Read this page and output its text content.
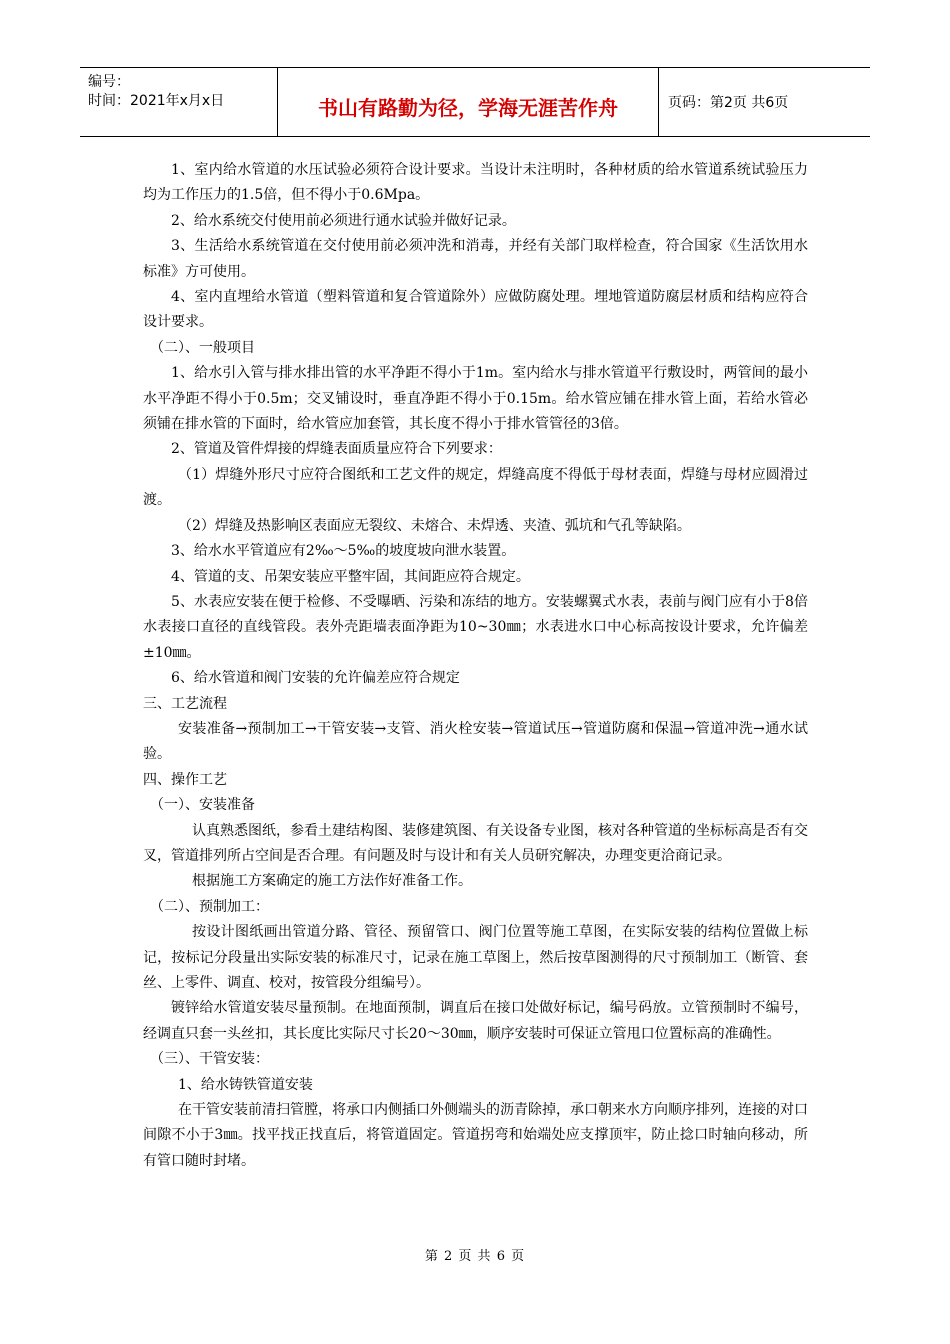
编号：
时间：2021年x月x日	书山有路勤为径，学海无涯苦作舟	页码：第2页 共6页

1、室内给水管道的水压试验必须符合设计要求。当设计未注明时，各种材质的给水管道系统试验压力均为工作压力的1.5倍，但不得小于0.6Mpa。

2、给水系统交付使用前必须进行通水试验并做好记录。

3、生活给水系统管道在交付使用前必须冲洗和消毒，并经有关部门取样检查，符合国家《生活饮用水标准》方可使用。

4、室内直埋给水管道（塑料管道和复合管道除外）应做防腐处理。埋地管道防腐层材质和结构应符合设计要求。

（二）、一般项目

1、给水引入管与排水排出管的水平净距不得小于1m。室内给水与排水管道平行敷设时，两管间的最小水平净距不得小于0.5m；交叉铺设时，垂直净距不得小于0.15m。给水管应铺在排水管上面，若给水管必须铺在排水管的下面时，给水管应加套管，其长度不得小于排水管管径的3倍。

2、管道及管件焊接的焊缝表面质量应符合下列要求：

（1）焊缝外形尺寸应符合图纸和工艺文件的规定，焊缝高度不得低于母材表面，焊缝与母材应圆滑过渡。

（2）焊缝及热影响区表面应无裂纹、未熔合、未焊透、夹渣、弧坑和气孔等缺陷。

3、给水水平管道应有2‰～5‰的坡度坡向泄水装置。

4、管道的支、吊架安装应平整牢固，其间距应符合规定。

5、水表应安装在便于检修、不受曝晒、污染和冻结的地方。安装螺翼式水表，表前与阀门应有小于8倍水表接口直径的直线管段。表外壳距墙表面净距为10~30㎜；水表进水口中心标高按设计要求，允许偏差±10㎜。

6、给水管道和阀门安装的允许偏差应符合规定

三、工艺流程

安装准备→预制加工→干管安装→支管、消火栓安装→管道试压→管道防腐和保温→管道冲洗→通水试验。

四、操作工艺

（一）、安装准备

认真熟悉图纸，参看土建结构图、装修建筑图、有关设备专业图，核对各种管道的坐标标高是否有交叉，管道排列所占空间是否合理。有问题及时与设计和有关人员研究解决，办理变更洽商记录。

根据施工方案确定的施工方法作好准备工作。

（二）、预制加工：

按设计图纸画出管道分路、管径、预留管口、阀门位置等施工草图，在实际安装的结构位置做上标记，按标记分段量出实际安装的标准尺寸，记录在施工草图上，然后按草图测得的尺寸预制加工（断管、套丝、上零件、调直、校对，按管段分组编号）。

镀锌给水管道安装尽量预制。在地面预制，调直后在接口处做好标记，编号码放。立管预制时不编号，经调直只套一头丝扣，其长度比实际尺寸长20～30㎜，顺序安装时可保证立管甩口位置标高的准确性。

（三）、干管安装：

1、给水铸铁管道安装

在干管安装前清扫管膛，将承口内侧插口外侧端头的沥青除掉，承口朝来水方向顺序排列，连接的对口间隙不小于3㎜。找平找正找直后，将管道固定。管道拐弯和始端处应支撑顶牢，防止捻口时轴向移动，所有管口随时封堵。

第 2 页 共 6 页
